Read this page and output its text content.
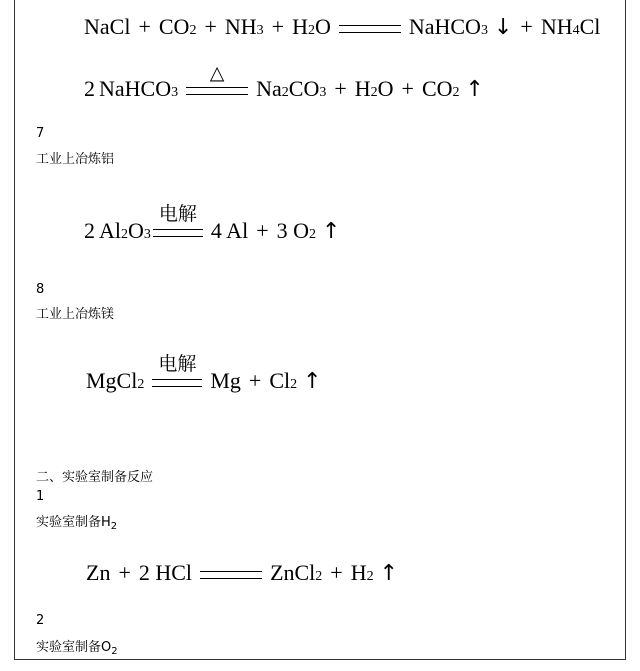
NaCl + CO 2 + NH 3 + H 2 O	NaHCO 3 ↓ + NH 4 Cl
2 NaHCO 3
△
Na 2 CO 3 + H 2 O + CO 2 ↑
7
工业上冶炼铝
2 Al 2 O 3
电解
4 Al + 3 O 2 ↑
8
工业上冶炼镁
MgCl 2
电解
Mg + Cl 2 ↑
二、实验室制备反应
1
实验室制备$H_2$
Zn + 2 HCl	ZnCl 2 + H 2 ↑
2
实验室制备$O_2$
